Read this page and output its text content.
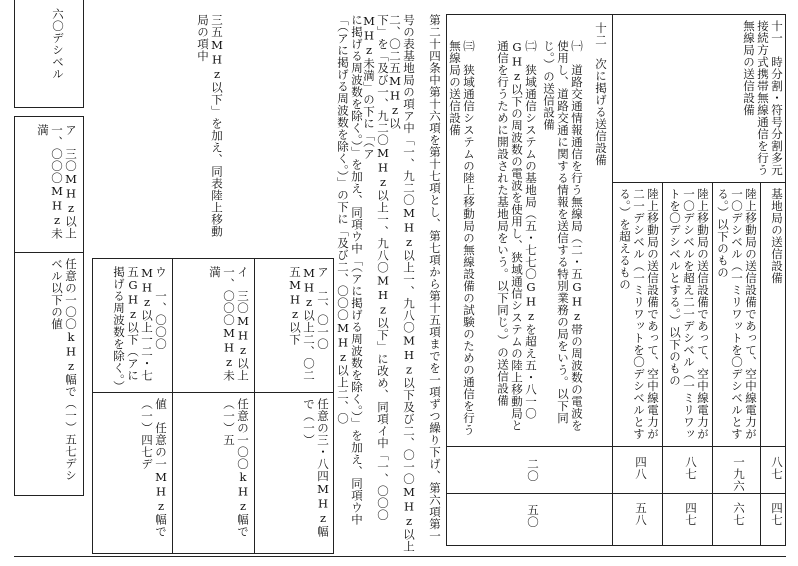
六〇デシベル
ア　三〇MHz以上一、〇〇〇MHz未満
任意の一〇〇kHz幅で（一）五七デシベル以下の値
三五MHz以下」を加え、同表陸上移動局の項中	号の表基地局の項ア中「一、九二〇MHz以上一、九八〇MHz以下及び二、〇一〇MHz以上二、〇二五MHz以
下」を「及び一、九二〇MHz以上一、九八〇MHz以下」に改め、同項イ中「一、〇〇〇MHz未満」の下に「（ア
に掲げる周波数を除く。）」を加え、同項ウ中「（アに掲げる周波数を除く。）」を加え、同項ウ中「（アに掲げる周波数を除く。）」の下に「及び二、〇〇〇MHz以上二、〇	第二十四条中第十六項を第十七項とし、第七項から第十五項までを一項ずつ繰り下げ、第六項第一
ア　二、〇一〇MHz以上二、〇二五MHz以下
任意の三・八四MHz幅で（一）
イ　三〇MHz以上一、〇〇〇MHz未満
任意の一〇〇kHz幅で（一）五
ウ　一、〇〇〇MHz以上一二・七五GHz以下（アに掲げる周波数を除く。）
値　任意の一MHz幅で（一）四七デ
十二　次に掲げる送信設備
㈠　道路交通情報通信を行う無線局（二・五GHz帯の周波数の電波を使用し、道路交通に関する情報を送信する特別業務の局をいう。以下同じ。）の送信設備
㈡　狭域通信システムの基地局（五・七七〇GHzを超え五・八一〇GHz以下の周波数の電波を使用し、狭域通信システムの陸上移動局と通信を行うために開設された基地局をいう。以下同じ。）の送信設備
㈢　狭域通信システムの陸上移動局の無線設備の試験のための通信を行う無線局の送信設備
二〇
五〇
十一　時分割・符号分割多元接続方式携帯無線通信を行う無線局の送信設備
基地局の送信設備
八七
四七
陸上移動局の送信設備であって、空中線電力が一〇デシベル（一ミリワットを〇デシベルとする。）以下のもの
一九六
六七
陸上移動局の送信設備であって、空中線電力が一〇デシベルを超え二一デシベル（一ミリワットを〇デシベルとする。）以下のもの
八七
四七
陸上移動局の送信設備であって、空中線電力が二一デシベル（一ミリワットを〇デシベルとする。）を超えるもの
四八
五八
